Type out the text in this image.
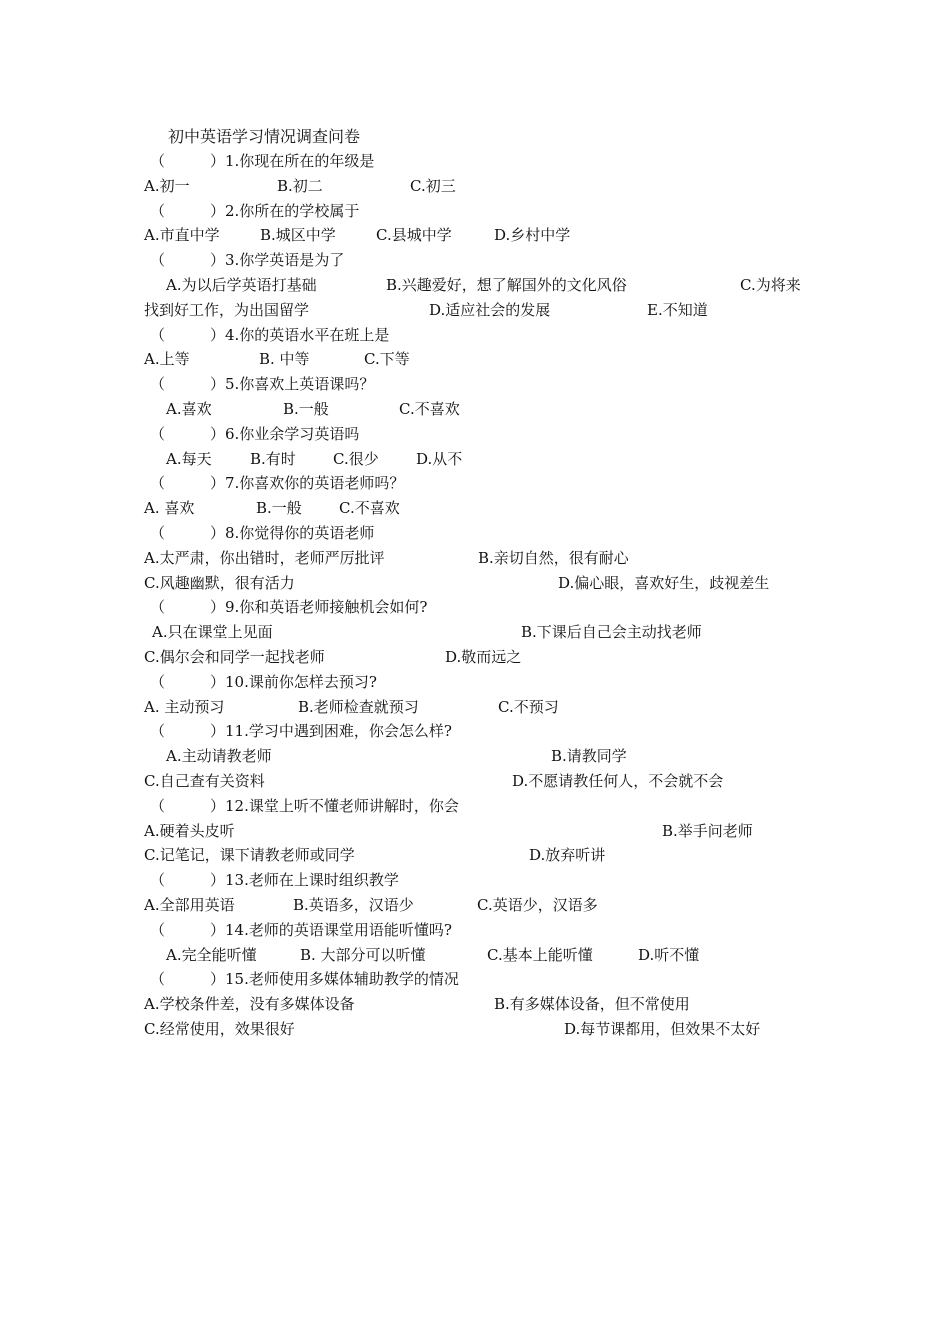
初中英语学习情况调查问卷
（　　　）1.你现在所在的年级是
A.初一	B.初二	C.初三
（　　　）2.你所在的学校属于
A.市直中学	B.城区中学	C.县城中学	D.乡村中学
（　　　）3.你学英语是为了
A.为以后学英语打基础	B.兴趣爱好，想了解国外的文化风俗	C.为将来
找到好工作，为出国留学	D.适应社会的发展	E.不知道
（　　　）4.你的英语水平在班上是
A.上等	B. 中等	C.下等
（　　　）5.你喜欢上英语课吗？
A.喜欢	B.一般	C.不喜欢
（　　　）6.你业余学习英语吗
A.每天	B.有时 C.很少 D.从不
（　　　）7.你喜欢你的英语老师吗？
A. 喜欢	B.一般 C.不喜欢
（　　　）8.你觉得你的英语老师
A.太严肃，你出错时，老师严厉批评	B.亲切自然，很有耐心
C.风趣幽默，很有活力	D.偏心眼，喜欢好生，歧视差生
（　　　）9.你和英语老师接触机会如何?
A.只在课堂上见面	B.下课后自己会主动找老师
C.偶尔会和同学一起找老师	D.敬而远之
（　　　）10.课前你怎样去预习?
A. 主动预习	B.老师检查就预习	C.不预习
（　　　）11.学习中遇到困难，你会怎么样?
A.主动请教老师	B.请教同学
C.自己查有关资料	D.不愿请教任何人，不会就不会
（　　　）12.课堂上听不懂老师讲解时，你会
A.硬着头皮听	B.举手问老师
C.记笔记，课下请教老师或同学	D.放弃听讲
（　　　）13.老师在上课时组织教学
A.全部用英语	B.英语多，汉语少	C.英语少，汉语多
（　　　）14.老师的英语课堂用语能听懂吗?
A.完全能听懂	B. 大部分可以听懂	C.基本上能听懂	D.听不懂
（　　　）15.老师使用多媒体辅助教学的情况
A.学校条件差，没有多媒体设备	B.有多媒体设备，但不常使用
C.经常使用，效果很好	D.每节课都用，但效果不太好
